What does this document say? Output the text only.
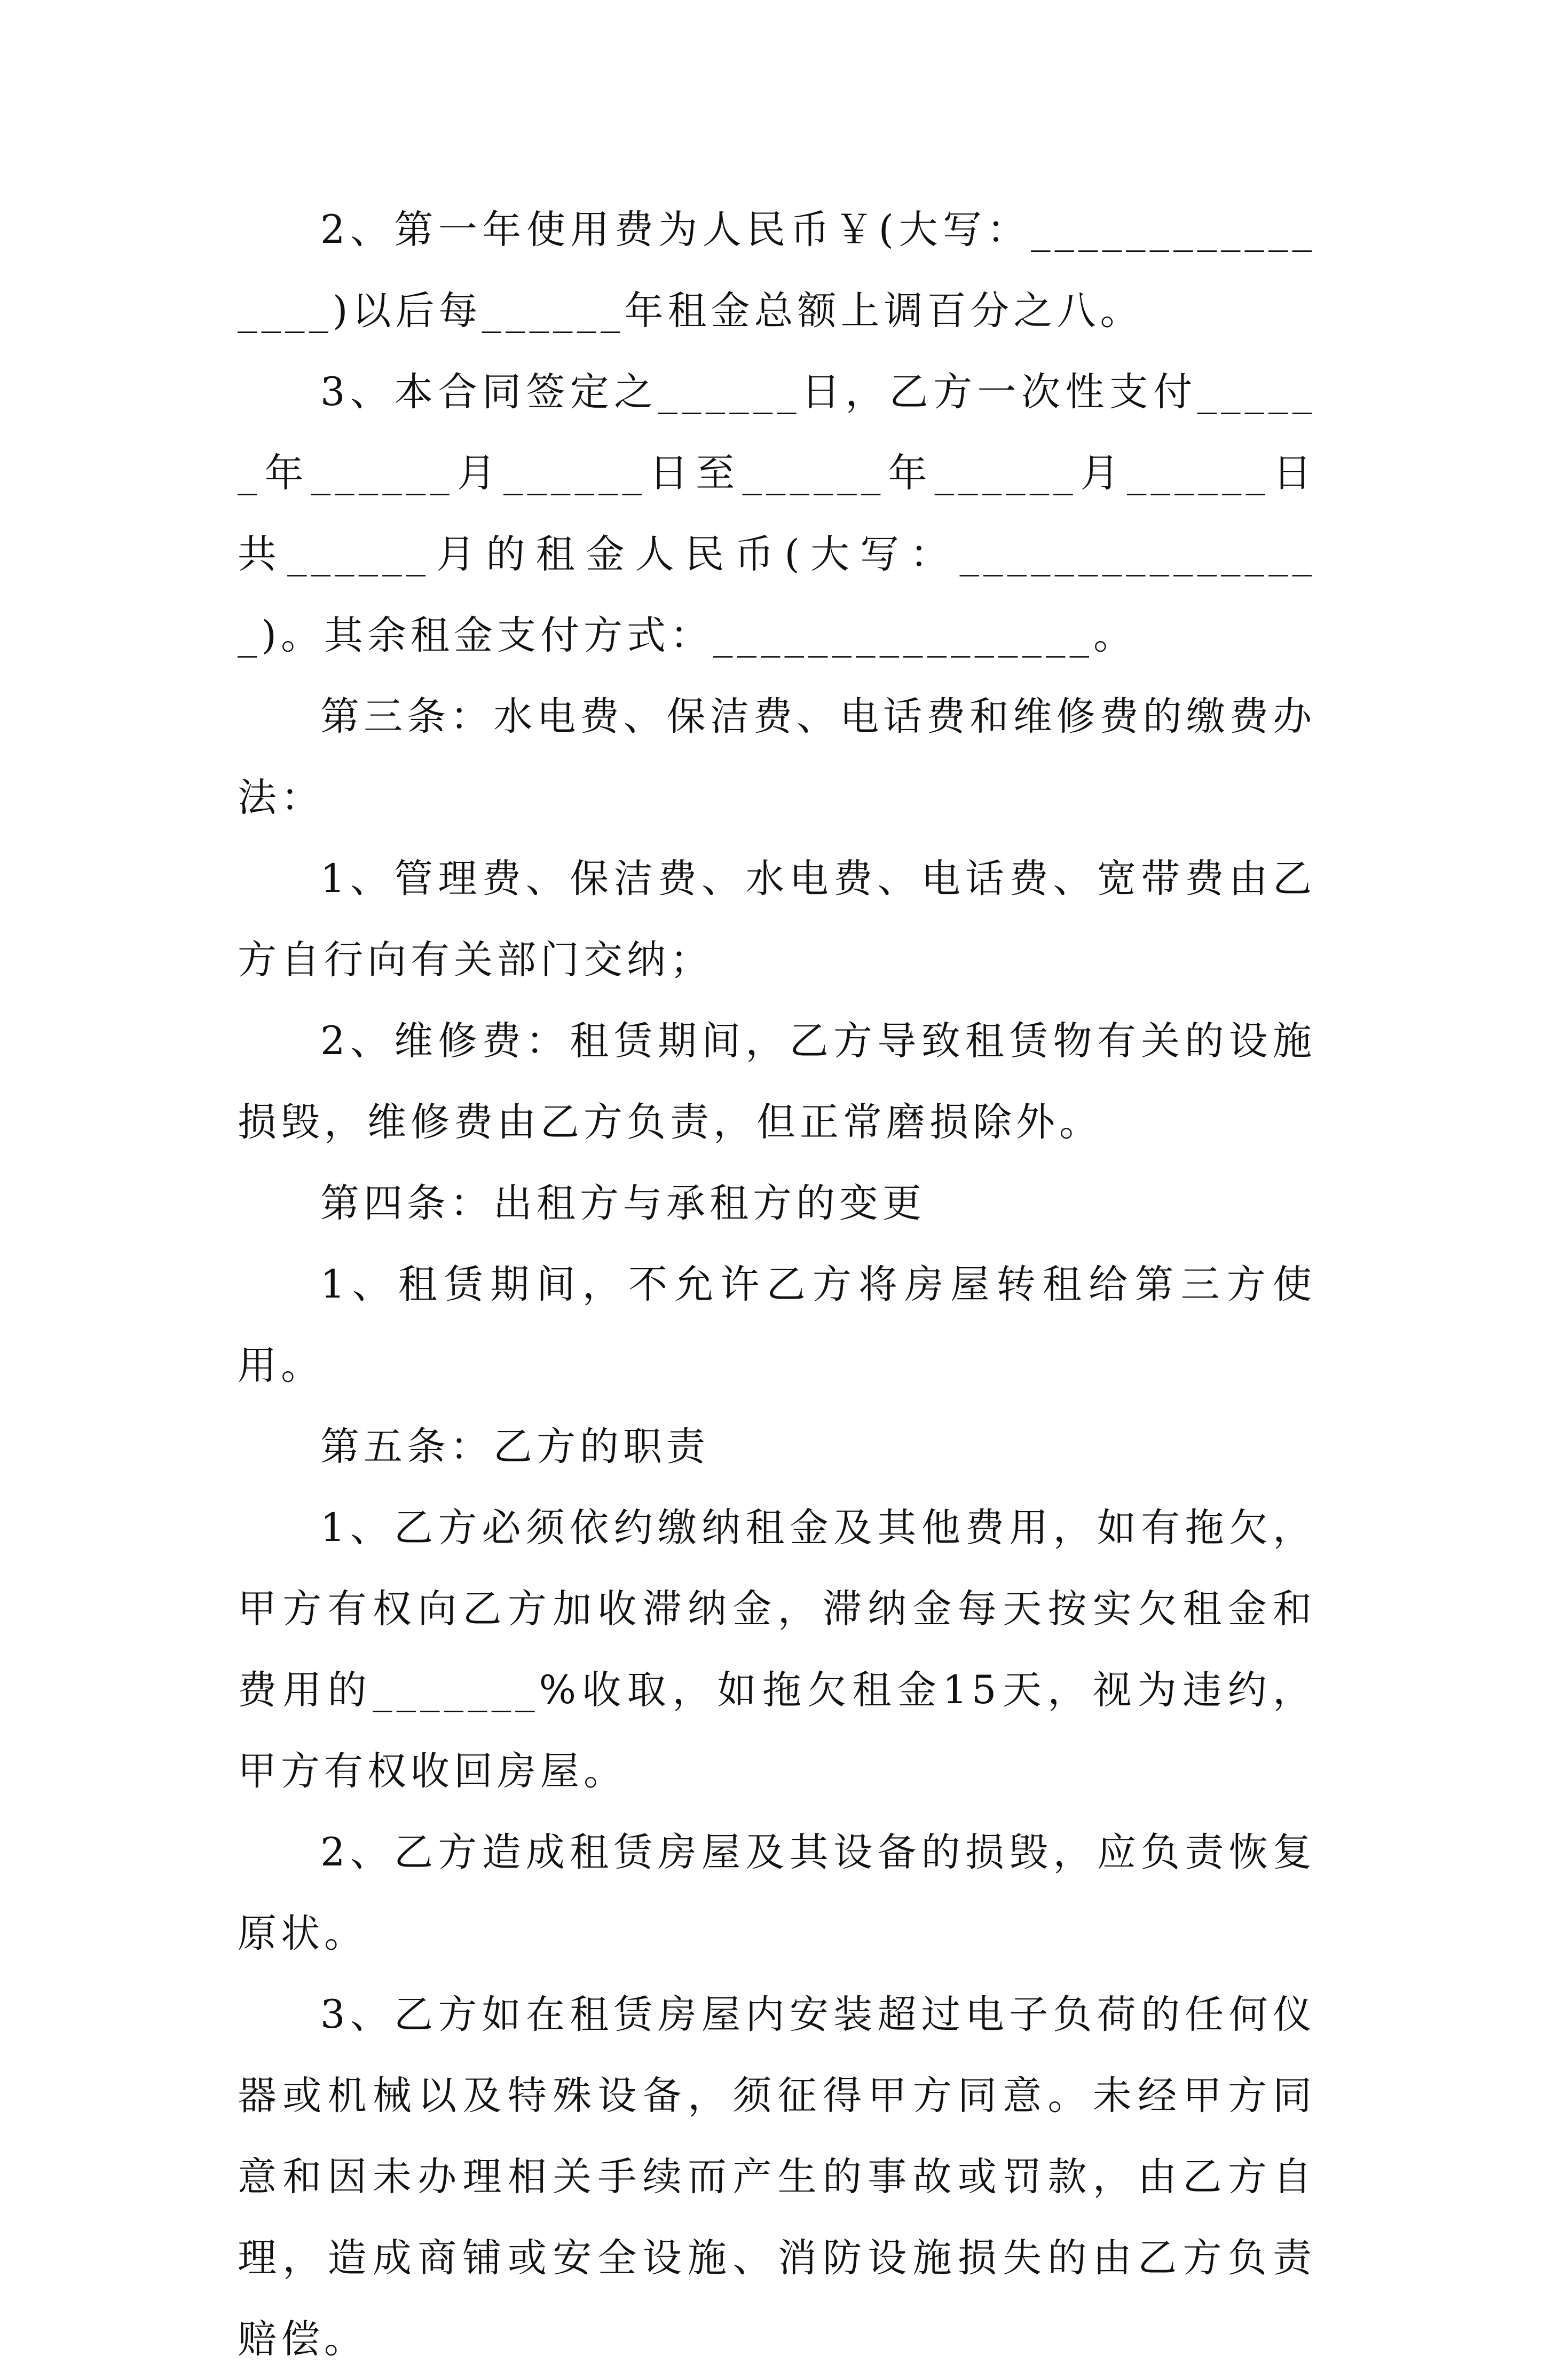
2、第一年使用费为人民币￥(大写：________________)以后每______年租金总额上调百分之八。

3、本合同签定之______日，乙方一次性支付______年______月______日至______年______月______日共______月的租金人民币(大写：________________)。其余租金支付方式：________________。

第三条：水电费、保洁费、电话费和维修费的缴费办法：

1、管理费、保洁费、水电费、电话费、宽带费由乙方自行向有关部门交纳；

2、维修费：租赁期间，乙方导致租赁物有关的设施损毁，维修费由乙方负责，但正常磨损除外。

第四条：出租方与承租方的变更

1、租赁期间，不允许乙方将房屋转租给第三方使用。

第五条：乙方的职责

1、乙方必须依约缴纳租金及其他费用，如有拖欠，甲方有权向乙方加收滞纳金，滞纳金每天按实欠租金和费用的_______%收取，如拖欠租金15天，视为违约，甲方有权收回房屋。

2、乙方造成租赁房屋及其设备的损毁，应负责恢复原状。

3、乙方如在租赁房屋内安装超过电子负荷的任何仪器或机械以及特殊设备，须征得甲方同意。未经甲方同意和因未办理相关手续而产生的事故或罚款，由乙方自理，造成商铺或安全设施、消防设施损失的由乙方负责赔偿。
